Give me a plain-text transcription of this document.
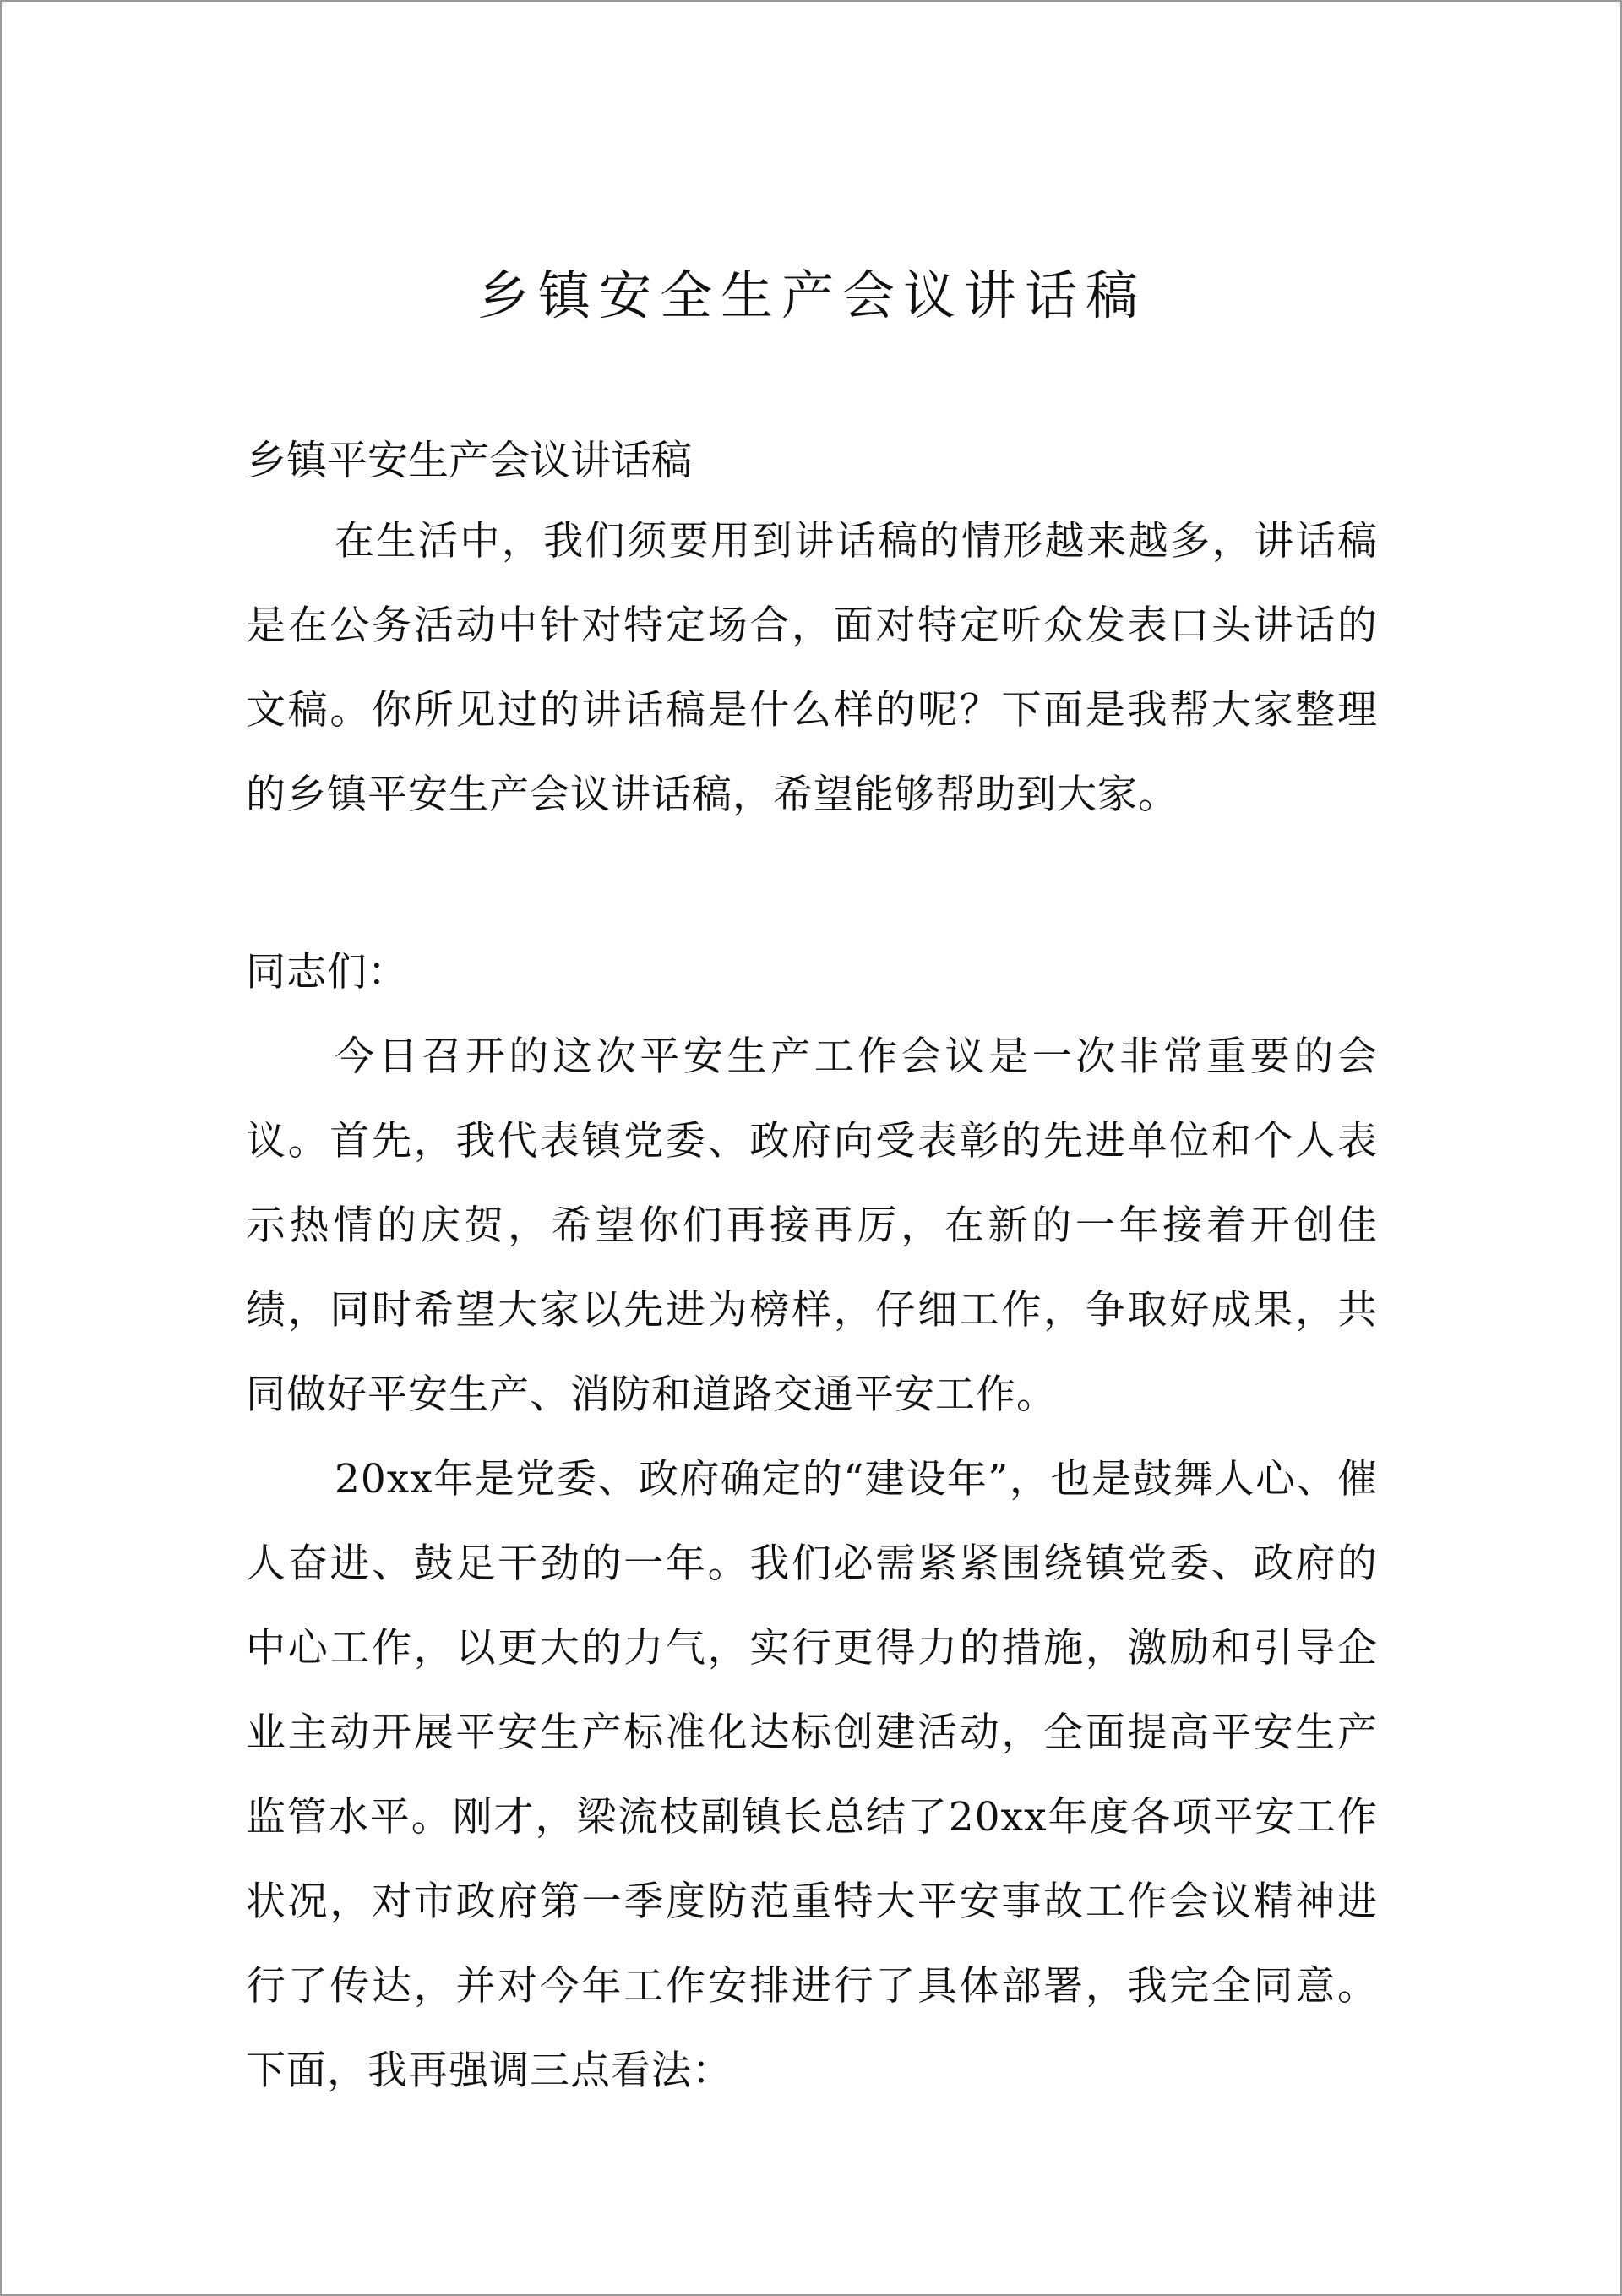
乡镇安全生产会议讲话稿

乡镇平安生产会议讲话稿

在生活中，我们须要用到讲话稿的情形越来越多，讲话稿是在公务活动中针对特定场合，面对特定听众发表口头讲话的文稿。你所见过的讲话稿是什么样的呢？下面是我帮大家整理的乡镇平安生产会议讲话稿，希望能够帮助到大家。

同志们：

今日召开的这次平安生产工作会议是一次非常重要的会议。首先，我代表镇党委、政府向受表彰的先进单位和个人表示热情的庆贺，希望你们再接再厉，在新的一年接着开创佳绩，同时希望大家以先进为榜样，仔细工作，争取好成果，共同做好平安生产、消防和道路交通平安工作。

20xx年是党委、政府确定的“建设年”，也是鼓舞人心、催人奋进、鼓足干劲的一年。我们必需紧紧围绕镇党委、政府的中心工作，以更大的力气，实行更得力的措施，激励和引导企业主动开展平安生产标准化达标创建活动，全面提高平安生产监管水平。刚才，梁流枝副镇长总结了20xx年度各项平安工作状况，对市政府第一季度防范重特大平安事故工作会议精神进行了传达，并对今年工作安排进行了具体部署，我完全同意。下面，我再强调三点看法：
